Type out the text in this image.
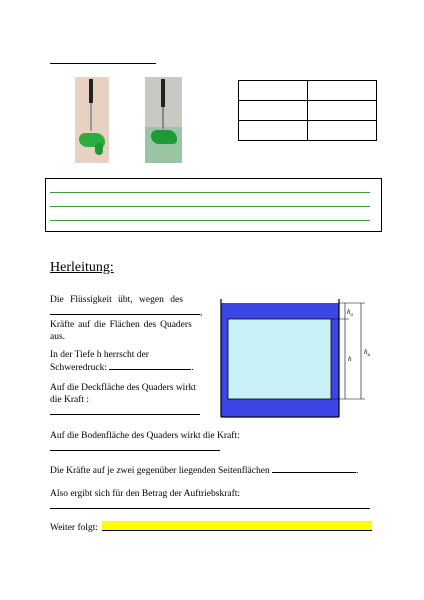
Herleitung:
Die Flüssigkeit übt, wegen des
,
Kräfte auf die Flächen des Quaders
aus.
In der Tiefe h herrscht der
Schweredruck:	.
Auf die Deckfläche des Quaders wirkt
die Kraft :
Auf die Bodenfläche des Quaders wirkt die Kraft:
Die Kräfte auf je zwei gegenüber liegenden Seitenflächen	.
Also ergibt sich für den Betrag der Auftriebskraft:
Weiter folgt:
$h_o$
h
$h_u$
